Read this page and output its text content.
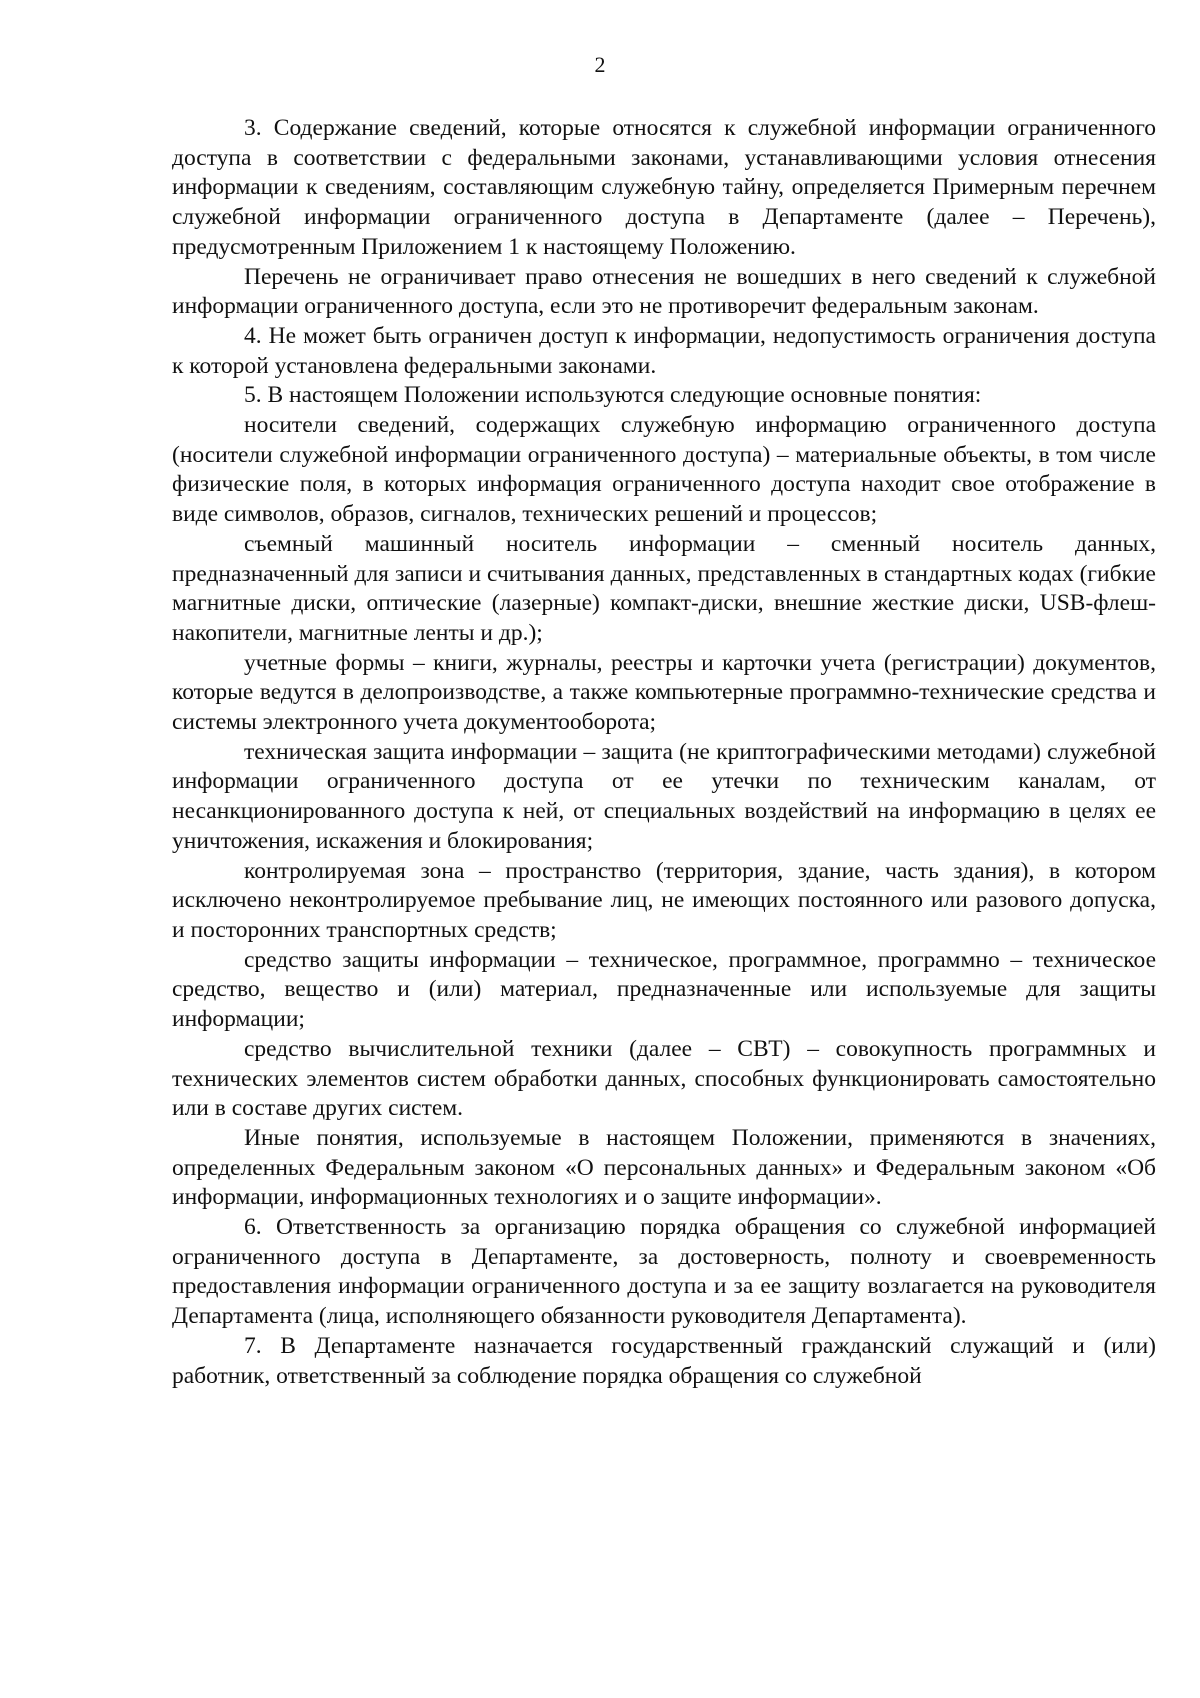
2

3. Содержание сведений, которые относятся к служебной информации ограниченного доступа в соответствии с федеральными законами, устанавливающими условия отнесения информации к сведениям, составляющим служебную тайну, определяется Примерным перечнем служебной информации ограниченного доступа в Департаменте (далее – Перечень), предусмотренным Приложением 1 к настоящему Положению.

Перечень не ограничивает право отнесения не вошедших в него сведений к служебной информации ограниченного доступа, если это не противоречит федеральным законам.

4. Не может быть ограничен доступ к информации, недопустимость ограничения доступа к которой установлена федеральными законами.

5. В настоящем Положении используются следующие основные понятия:

носители сведений, содержащих служебную информацию ограниченного доступа (носители служебной информации ограниченного доступа) – материальные объекты, в том числе физические поля, в которых информация ограниченного доступа находит свое отображение в виде символов, образов, сигналов, технических решений и процессов;

съемный машинный носитель информации – сменный носитель данных, предназначенный для записи и считывания данных, представленных в стандартных кодах (гибкие магнитные диски, оптические (лазерные) компакт-диски, внешние жесткие диски, USB-флеш-накопители, магнитные ленты и др.);

учетные формы – книги, журналы, реестры и карточки учета (регистрации) документов, которые ведутся в делопроизводстве, а также компьютерные программно-технические средства и системы электронного учета документооборота;

техническая защита информации – защита (не криптографическими методами) служебной информации ограниченного доступа от ее утечки по техническим каналам, от несанкционированного доступа к ней, от специальных воздействий на информацию в целях ее уничтожения, искажения и блокирования;

контролируемая зона – пространство (территория, здание, часть здания), в котором исключено неконтролируемое пребывание лиц, не имеющих постоянного или разового допуска, и посторонних транспортных средств;

средство защиты информации – техническое, программное, программно – техническое средство, вещество и (или) материал, предназначенные или используемые для защиты информации;

средство вычислительной техники (далее – СВТ) – совокупность программных и технических элементов систем обработки данных, способных функционировать самостоятельно или в составе других систем.

Иные понятия, используемые в настоящем Положении, применяются в значениях, определенных Федеральным законом «О персональных данных» и Федеральным законом «Об информации, информационных технологиях и о защите информации».

6. Ответственность за организацию порядка обращения со служебной информацией ограниченного доступа в Департаменте, за достоверность, полноту и своевременность предоставления информации ограниченного доступа и за ее защиту возлагается на руководителя Департамента (лица, исполняющего обязанности руководителя Департамента).

7. В Департаменте назначается государственный гражданский служащий и (или) работник, ответственный за соблюдение порядка обращения со служебной
